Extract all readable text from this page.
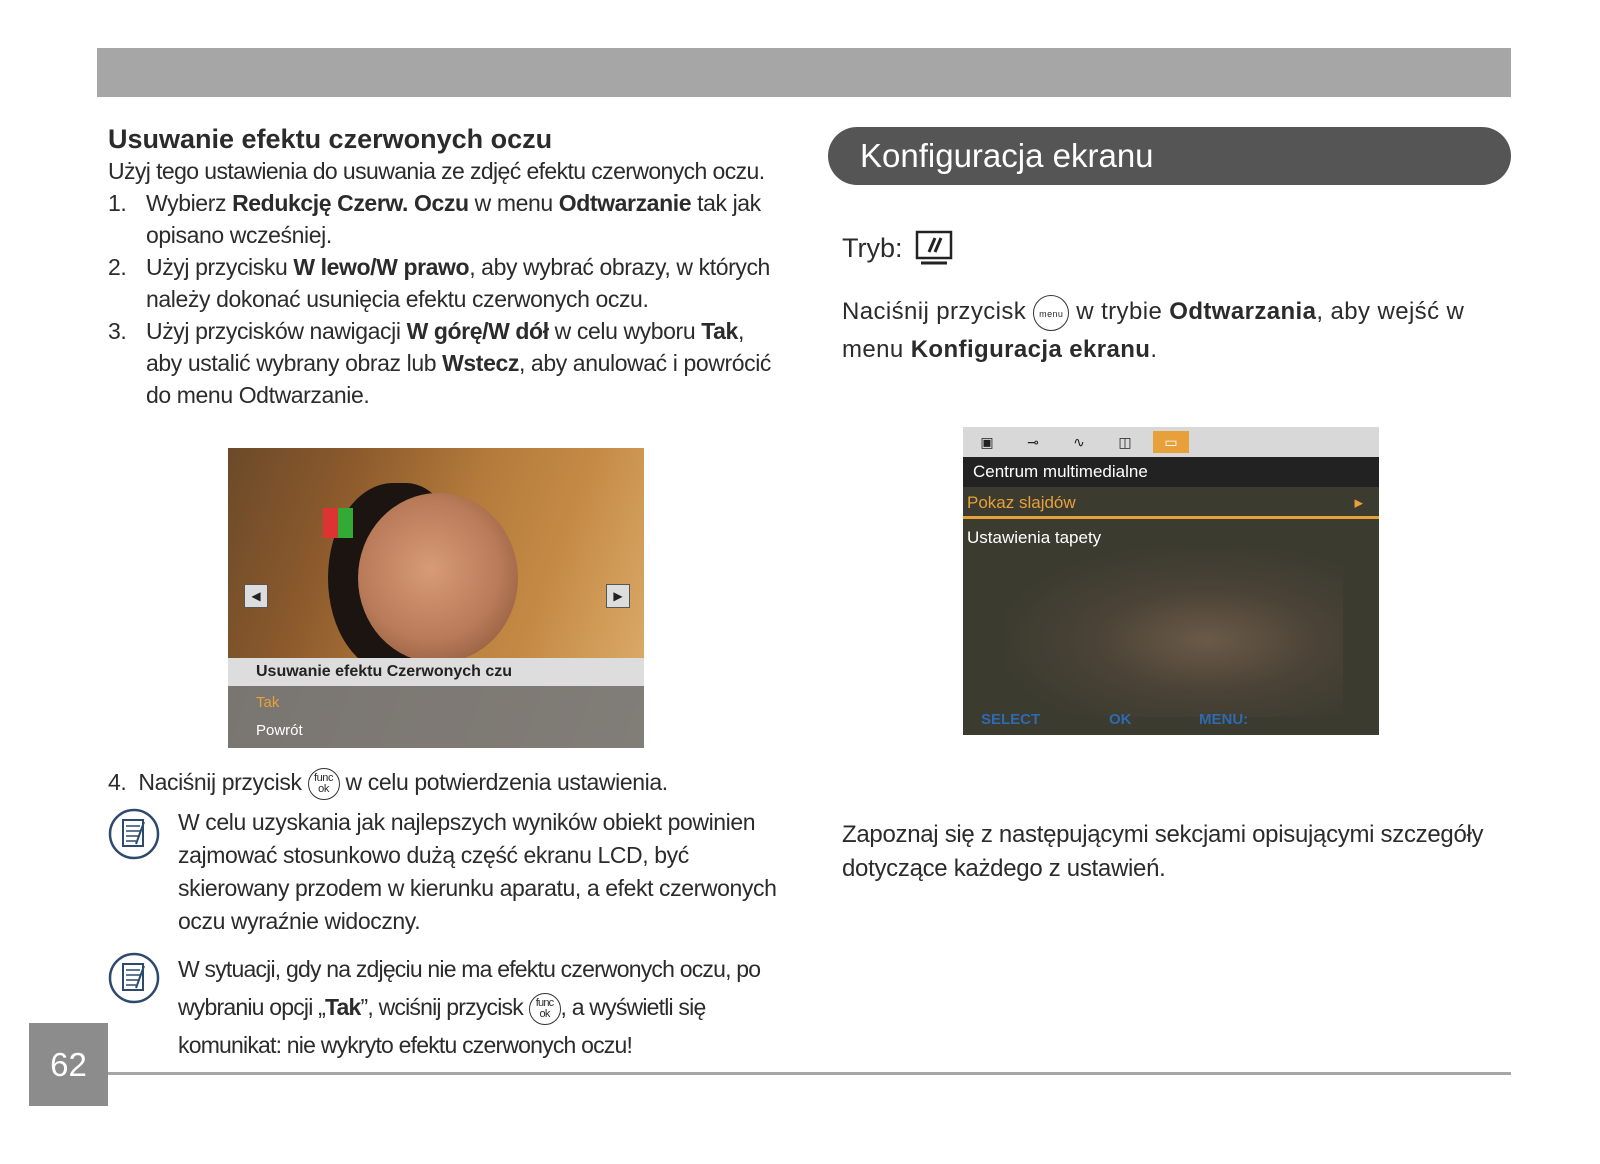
Usuwanie efektu czerwonych oczu

Użyj tego ustawienia do usuwania ze zdjęć efektu czerwonych oczu.

1. Wybierz Redukcję Czerw. Oczu w menu Odtwarzanie tak jak opisano wcześniej.
2. Użyj przycisku W lewo/W prawo, aby wybrać obrazy, w których należy dokonać usunięcia efektu czerwonych oczu.
3. Użyj przycisków nawigacji W górę/W dół w celu wyboru Tak, aby ustalić wybrany obraz lub Wstecz, aby anulować i powrócić do menu Odtwarzanie.
◀	▶
Usuwanie efektu Czerwonych czu
Tak
Powrót
4. Naciśnij przycisk func
ok w celu potwierdzenia ustawienia.
W celu uzyskania jak najlepszych wyników obiekt powinien zajmować stosunkowo dużą część ekranu LCD, być skierowany przodem w kierunku aparatu, a efekt czerwonych oczu wyraźnie widoczny.
W sytuacji, gdy na zdjęciu nie ma efektu czerwonych oczu, po wybraniu opcji „Tak”, wciśnij przycisk func
ok , a wyświetli się komunikat: nie wykryto efektu czerwonych oczu!
Konfiguracja ekranu
Tryb:
Naciśnij przycisk menu w trybie Odtwarzania, aby wejść w menu Konfiguracja ekranu.
▣	⊸	∿	◫	▭
Centrum multimedialne
Pokaz slajdów	▸
Ustawienia tapety
SELECT	OK	MENU:
Zapoznaj się z następującymi sekcjami opisującymi szczegóły dotyczące każdego z ustawień.
62
